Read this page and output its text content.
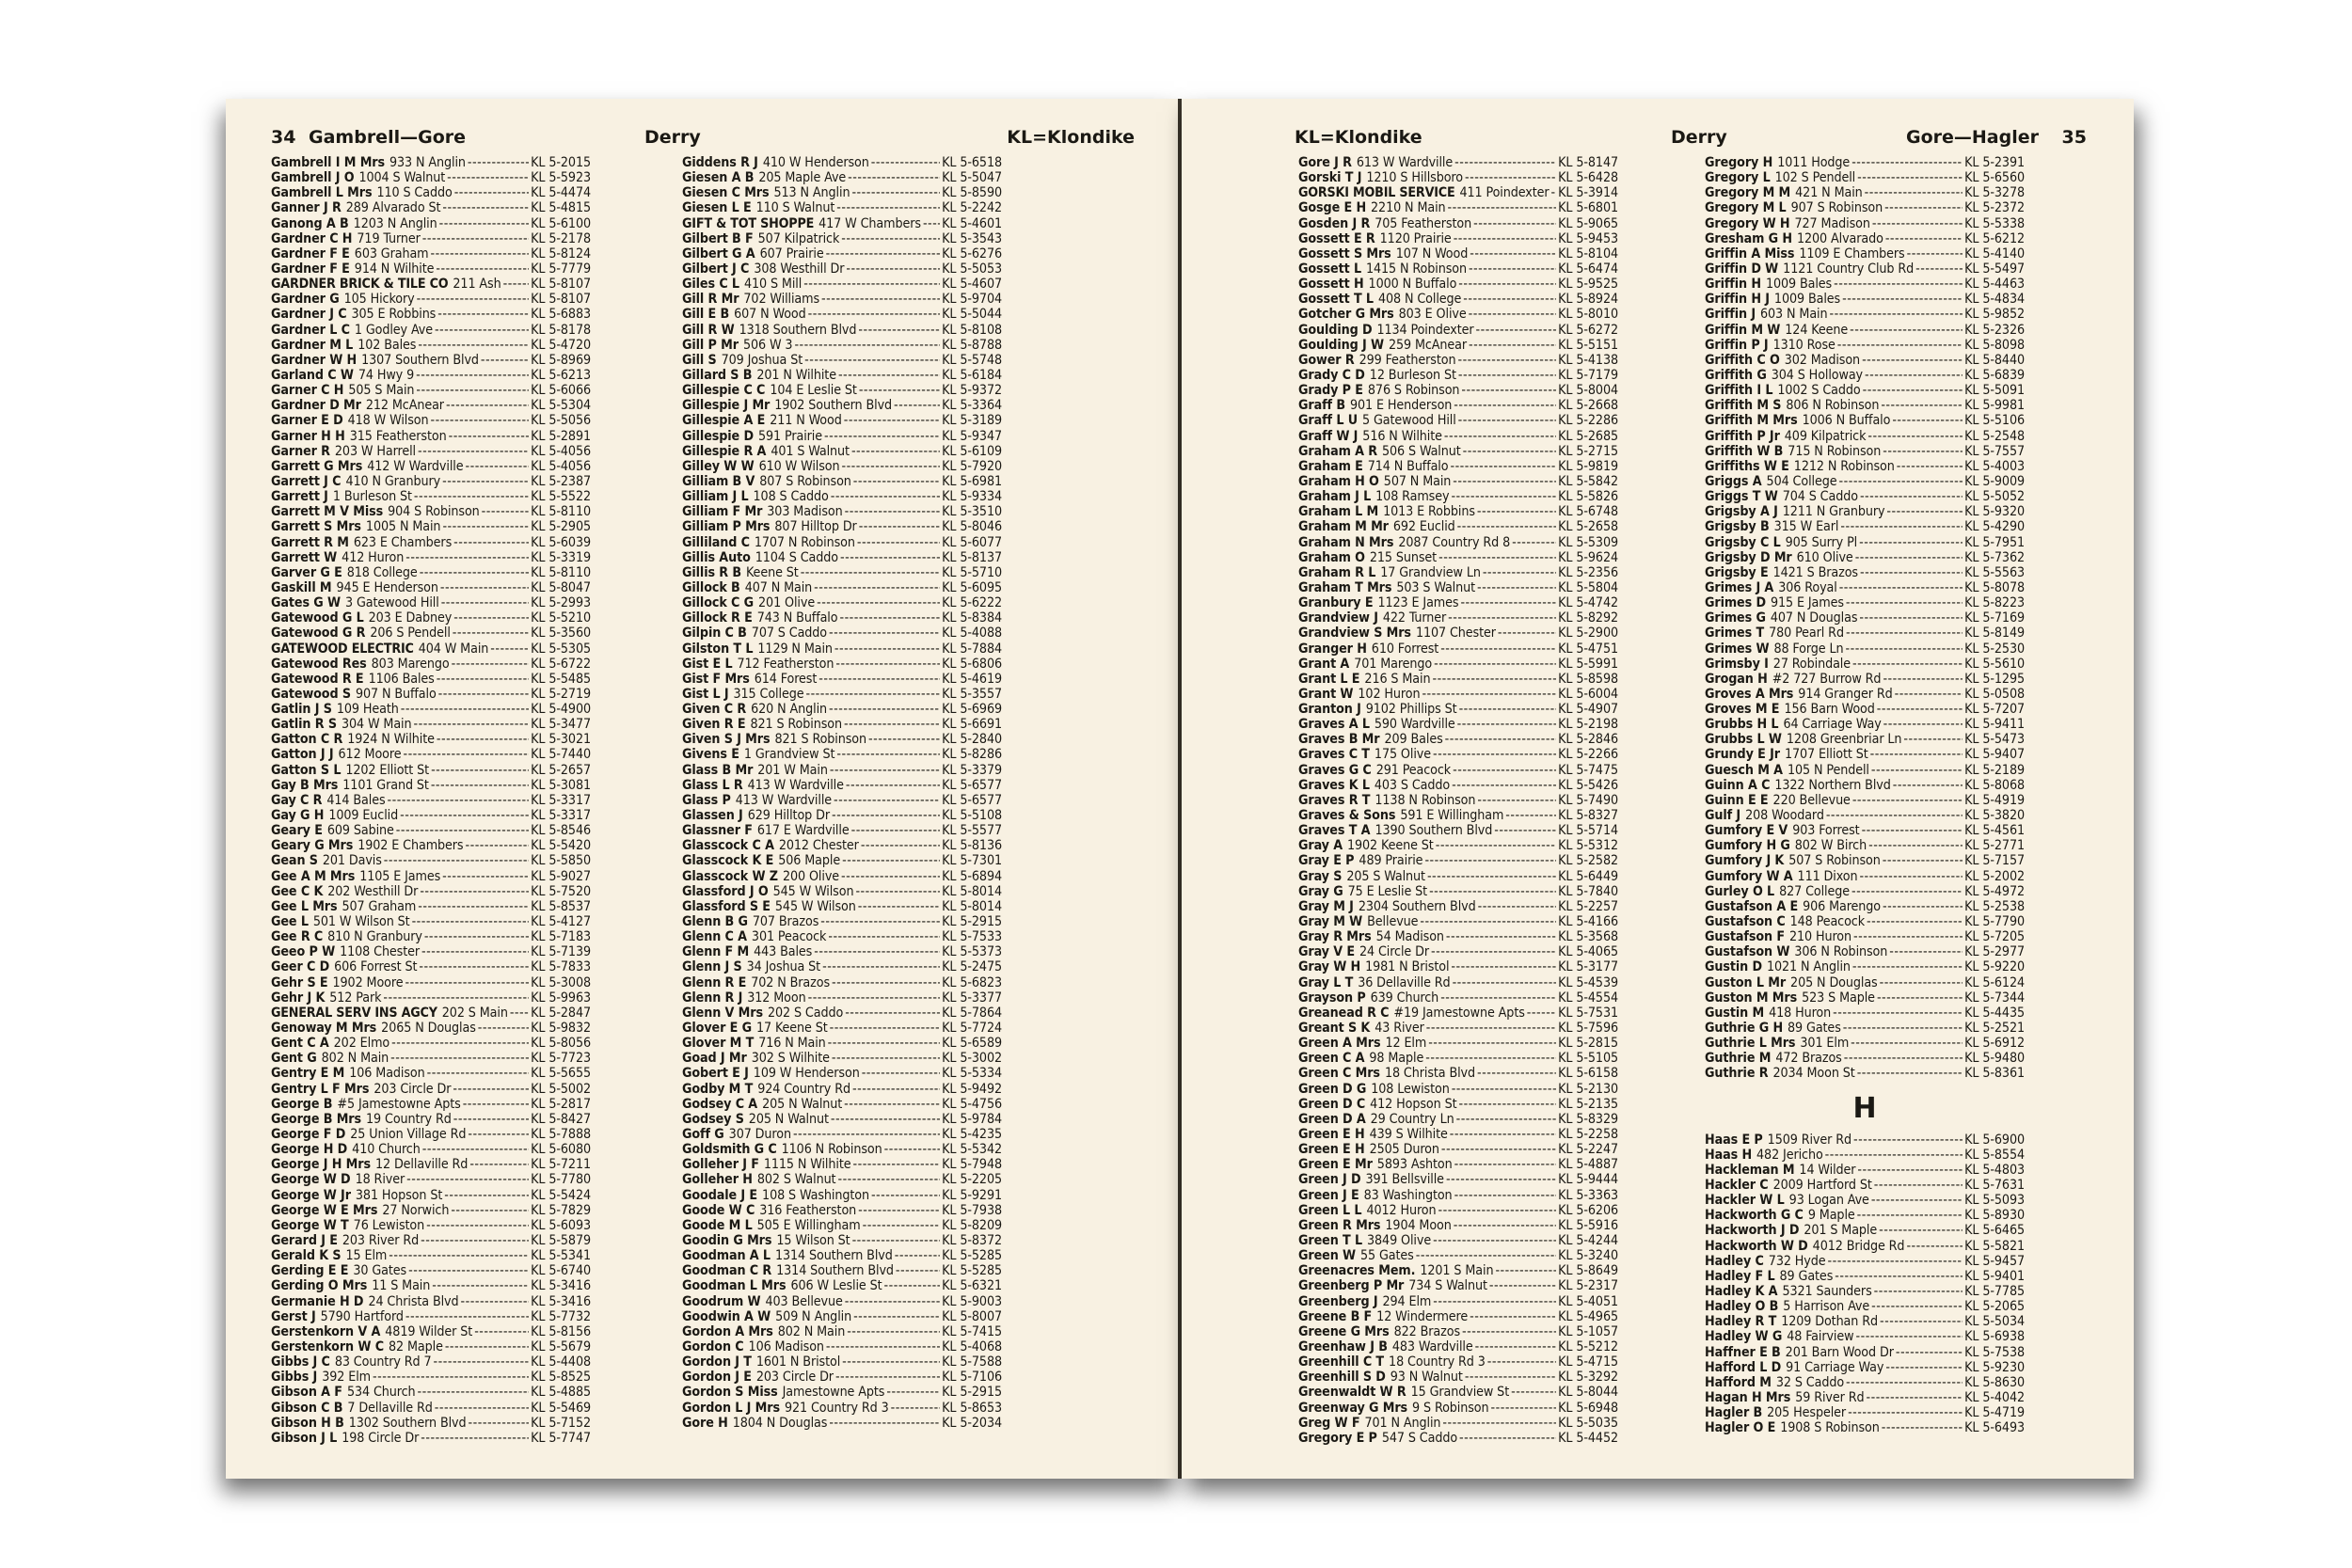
34 Gambrell—Gore	Derry	KL=Klondike
Gambrell I M Mrs 933 N Anglin -----	KL 5-2015
Gambrell J O 1004 S Walnut -----	KL 5-5923
Gambrell L Mrs 110 S Caddo -----	KL 5-4474
Ganner J R 289 Alvarado St -----	KL 5-4815
Ganong A B 1203 N Anglin -----	KL 5-6100
Gardner C H 719 Turner -----	KL 5-2178
Gardner F E 603 Graham -----	KL 5-8124
Gardner F E 914 N Wilhite -----	KL 5-7779
GARDNER BRICK & TILE CO 211 Ash ----- KL 5-8107
Gardner G 105 Hickory -----	KL 5-8107
Gardner J C 305 E Robbins -----	KL 5-6883
Gardner L C 1 Godley Ave -----	KL 5-8178
Gardner M L 102 Bales -----	KL 5-4720
Gardner W H 1307 Southern Blvd -----	KL 5-8969
Garland C W 74 Hwy 9 -----	KL 5-6213
Garner C H 505 S Main -----	KL 5-6066
Gardner D Mr 212 McAnear -----	KL 5-5304
Garner E D 418 W Wilson -----	KL 5-5056
Garner H H 315 Featherston -----	KL 5-2891
Garner R 203 W Harrell -----	KL 5-4056
Garrett G Mrs 412 W Wardville -----	KL 5-4056
Garrett J C 410 N Granbury -----	KL 5-2387
Garrett J 1 Burleson St -----	KL 5-5522
Garrett M V Miss 904 S Robinson -----	KL 5-8110
Garrett S Mrs 1005 N Main -----	KL 5-2905
Garrett R M 623 E Chambers -----	KL 5-6039
Garrett W 412 Huron -----	KL 5-3319
Garver G E 818 College -----	KL 5-8110
Gaskill M 945 E Henderson -----	KL 5-8047
Gates G W 3 Gatewood Hill -----	KL 5-2993
Gatewood G L 203 E Dabney -----	KL 5-5210
Gatewood G R 206 S Pendell -----	KL 5-3560
GATEWOOD ELECTRIC 404 W Main -----	KL 5-5305
Gatewood Res 803 Marengo -----	KL 5-6722
Gatewood R E 1106 Bales -----	KL 5-5485
Gatewood S 907 N Buffalo -----	KL 5-2719
Gatlin J S 109 Heath -----	KL 5-4900
Gatlin R S 304 W Main -----	KL 5-3477
Gatton C R 1924 N Wilhite -----	KL 5-3021
Gatton J J 612 Moore -----	KL 5-7440
Gatton S L 1202 Elliott St -----	KL 5-2657
Gay B Mrs 1101 Grand St -----	KL 5-3081
Gay C R 414 Bales -----	KL 5-3317
Gay G H 1009 Euclid -----	KL 5-3317
Geary E 609 Sabine -----	KL 5-8546
Geary G Mrs 1902 E Chambers -----	KL 5-5420
Gean S 201 Davis -----	KL 5-5850
Gee A M Mrs 1105 E James -----	KL 5-9027
Gee C K 202 Westhill Dr -----	KL 5-7520
Gee L Mrs 507 Graham -----	KL 5-8537
Gee L 501 W Wilson St -----	KL 5-4127
Gee R C 810 N Granbury -----	KL 5-7183
Geeo P W 1108 Chester -----	KL 5-7139
Geer C D 606 Forrest St -----	KL 5-7833
Gehr S E 1902 Moore -----	KL 5-3008
Gehr J K 512 Park -----	KL 5-9963
GENERAL SERV INS AGCY 202 S Main ----- KL 5-2847
Genoway M Mrs 2065 N Douglas -----	KL 5-9832
Gent C A 202 Elmo -----	KL 5-8056
Gent G 802 N Main -----	KL 5-7723
Gentry E M 106 Madison -----	KL 5-5655
Gentry L F Mrs 203 Circle Dr -----	KL 5-5002
George B #5 Jamestowne Apts -----	KL 5-2817
George B Mrs 19 Country Rd -----	KL 5-8427
George F D 25 Union Village Rd -----	KL 5-7888
George H D 410 Church -----	KL 5-6080
George J H Mrs 12 Dellaville Rd -----	KL 5-7211
George W D 18 River -----	KL 5-7780
George W Jr 381 Hopson St -----	KL 5-5424
George W E Mrs 27 Norwich -----	KL 5-7829
George W T 76 Lewiston -----	KL 5-6093
Gerard J E 203 River Rd -----	KL 5-5879
Gerald K S 15 Elm -----	KL 5-5341
Gerding E E 30 Gates -----	KL 5-6740
Gerding O Mrs 11 S Main -----	KL 5-3416
Germanie H D 24 Christa Blvd -----	KL 5-3416
Gerst J 5790 Hartford -----	KL 5-7732
Gerstenkorn V A 4819 Wilder St -----	KL 5-8156
Gerstenkorn W C 82 Maple -----	KL 5-5679
Gibbs J C 83 Country Rd 7 -----	KL 5-4408
Gibbs J 392 Elm -----	KL 5-8525
Gibson A F 534 Church -----	KL 5-4885
Gibson C B 7 Dellaville Rd -----	KL 5-5469
Gibson H B 1302 Southern Blvd -----	KL 5-7152
Gibson J L 198 Circle Dr -----	KL 5-7747
Giddens R J 410 W Henderson -----	KL 5-6518
Giesen A B 205 Maple Ave -----	KL 5-5047
Giesen C Mrs 513 N Anglin -----	KL 5-8590
Giesen L E 110 S Walnut -----	KL 5-2242
GIFT & TOT SHOPPE 417 W Chambers ----- KL 5-4601
Gilbert B F 507 Kilpatrick -----	KL 5-3543
Gilbert G A 607 Prairie -----	KL 5-6276
Gilbert J C 308 Westhill Dr -----	KL 5-5053
Giles C L 410 S Mill -----	KL 5-4607
Gill R Mr 702 Williams -----	KL 5-9704
Gill E B 607 N Wood -----	KL 5-5044
Gill R W 1318 Southern Blvd -----	KL 5-8108
Gill P Mr 506 W 3 -----	KL 5-8788
Gill S 709 Joshua St -----	KL 5-5748
Gillard S B 201 N Wilhite -----	KL 5-6184
Gillespie C C 104 E Leslie St -----	KL 5-9372
Gillespie J Mr 1902 Southern Blvd -----	KL 5-3364
Gillespie A E 211 N Wood -----	KL 5-3189
Gillespie D 591 Prairie -----	KL 5-9347
Gillespie R A 401 S Walnut -----	KL 5-6109
Gilley W W 610 W Wilson -----	KL 5-7920
Gilliam B V 807 S Robinson -----	KL 5-6981
Gilliam J L 108 S Caddo -----	KL 5-9334
Gilliam F Mr 303 Madison -----	KL 5-3510
Gilliam P Mrs 807 Hilltop Dr -----	KL 5-8046
Gilliland C 1707 N Robinson -----	KL 5-6077
Gillis Auto 1104 S Caddo -----	KL 5-8137
Gillis R B Keene St -----	KL 5-5710
Gillock B 407 N Main -----	KL 5-6095
Gillock C G 201 Olive -----	KL 5-6222
Gillock R E 743 N Buffalo -----	KL 5-8384
Gilpin C B 707 S Caddo -----	KL 5-4088
Gilston T L 1129 N Main -----	KL 5-7884
Gist E L 712 Featherston -----	KL 5-6806
Gist F Mrs 614 Forest -----	KL 5-4619
Gist L J 315 College -----	KL 5-3557
Given C R 620 N Anglin -----	KL 5-6969
Given R E 821 S Robinson -----	KL 5-6691
Given S J Mrs 821 S Robinson -----	KL 5-2840
Givens E 1 Grandview St -----	KL 5-8286
Glass B Mr 201 W Main -----	KL 5-3379
Glass L R 413 W Wardville -----	KL 5-6577
Glass P 413 W Wardville -----	KL 5-6577
Glassen J 629 Hilltop Dr -----	KL 5-5108
Glassner F 617 E Wardville -----	KL 5-5577
Glasscock C A 2012 Chester -----	KL 5-8136
Glasscock K E 506 Maple -----	KL 5-7301
Glasscock W Z 200 Olive -----	KL 5-6894
Glassford J O 545 W Wilson -----	KL 5-8014
Glassford S E 545 W Wilson -----	KL 5-8014
Glenn B G 707 Brazos -----	KL 5-2915
Glenn C A 301 Peacock -----	KL 5-7533
Glenn F M 443 Bales -----	KL 5-5373
Glenn J S 34 Joshua St -----	KL 5-2475
Glenn R E 702 N Brazos -----	KL 5-6823
Glenn R J 312 Moon -----	KL 5-3377
Glenn V Mrs 202 S Caddo -----	KL 5-7864
Glover E G 17 Keene St -----	KL 5-7724
Glover M T 716 N Main -----	KL 5-6589
Goad J Mr 302 S Wilhite -----	KL 5-3002
Gobert E J 109 W Henderson -----	KL 5-5334
Godby M T 924 Country Rd -----	KL 5-9492
Godsey C A 205 N Walnut -----	KL 5-4756
Godsey S 205 N Walnut -----	KL 5-9784
Goff G 307 Duron -----	KL 5-4235
Goldsmith G C 1106 N Robinson -----	KL 5-5342
Golleher J F 1115 N Wilhite -----	KL 5-7948
Golleher H 802 S Walnut -----	KL 5-2205
Goodale J E 108 S Washington -----	KL 5-9291
Goode W C 316 Featherston -----	KL 5-7938
Goode M L 505 E Willingham -----	KL 5-8209
Goodin G Mrs 15 Wilson St -----	KL 5-8372
Goodman A L 1314 Southern Blvd -----	KL 5-5285
Goodman C R 1314 Southern Blvd -----	KL 5-5285
Goodman L Mrs 606 W Leslie St -----	KL 5-6321
Goodrum W 403 Bellevue -----	KL 5-9003
Goodwin A W 509 N Anglin -----	KL 5-8007
Gordon A Mrs 802 N Main -----	KL 5-7415
Gordon C 106 Madison -----	KL 5-4068
Gordon J T 1601 N Bristol -----	KL 5-7588
Gordon J E 203 Circle Dr -----	KL 5-7106
Gordon S Miss Jamestowne Apts -----	KL 5-2915
Gordon L J Mrs 921 Country Rd 3 -----	KL 5-8653
Gore H 1804 N Douglas -----	KL 5-2034
KL=Klondike	Derry	Gore—Hagler 35
Gore J R 613 W Wardville -----	KL 5-8147
Gorski T J 1210 S Hillsboro -----	KL 5-6428
GORSKI MOBIL SERVICE 411 Poindexter ----- KL 5-3914
Gosge E H 2210 N Main -----	KL 5-6801
Gosden J R 705 Featherston -----	KL 5-9065
Gossett E R 1120 Prairie -----	KL 5-9453
Gossett S Mrs 107 N Wood -----	KL 5-8104
Gossett L 1415 N Robinson -----	KL 5-6474
Gossett H 1000 N Buffalo -----	KL 5-9525
Gossett T L 408 N College -----	KL 5-8924
Gotcher G Mrs 803 E Olive -----	KL 5-8010
Goulding D 1134 Poindexter -----	KL 5-6272
Goulding J W 259 McAnear -----	KL 5-5151
Gower R 299 Featherston -----	KL 5-4138
Grady C D 12 Burleson St -----	KL 5-7179
Grady P E 876 S Robinson -----	KL 5-8004
Graff B 901 E Henderson -----	KL 5-2668
Graff L U 5 Gatewood Hill -----	KL 5-2286
Graff W J 516 N Wilhite -----	KL 5-2685
Graham A R 506 S Walnut -----	KL 5-2715
Graham E 714 N Buffalo -----	KL 5-9819
Graham H O 507 N Main -----	KL 5-5842
Graham J L 108 Ramsey -----	KL 5-5826
Graham L M 1013 E Robbins -----	KL 5-6748
Graham M Mr 692 Euclid -----	KL 5-2658
Graham N Mrs 2087 Country Rd 8 -----	KL 5-5309
Graham O 215 Sunset -----	KL 5-9624
Graham R L 17 Grandview Ln -----	KL 5-2356
Graham T Mrs 503 S Walnut -----	KL 5-5804
Granbury E 1123 E James -----	KL 5-4742
Grandview J 422 Turner -----	KL 5-8292
Grandview S Mrs 1107 Chester -----	KL 5-2900
Granger H 610 Forrest -----	KL 5-4751
Grant A 701 Marengo -----	KL 5-5991
Grant L E 216 S Main -----	KL 5-8598
Grant W 102 Huron -----	KL 5-6004
Granton J 9102 Phillips St -----	KL 5-4907
Graves A L 590 Wardville -----	KL 5-2198
Graves B Mr 209 Bales -----	KL 5-2846
Graves C T 175 Olive -----	KL 5-2266
Graves G C 291 Peacock -----	KL 5-7475
Graves K L 403 S Caddo -----	KL 5-5426
Graves R T 1138 N Robinson -----	KL 5-7490
Graves & Sons 591 E Willingham -----	KL 5-8327
Graves T A 1390 Southern Blvd -----	KL 5-5714
Gray A 1902 Keene St -----	KL 5-5312
Gray E P 489 Prairie -----	KL 5-2582
Gray S 205 S Walnut -----	KL 5-6449
Gray G 75 E Leslie St -----	KL 5-7840
Gray M J 2304 Southern Blvd -----	KL 5-2257
Gray M W Bellevue -----	KL 5-4166
Gray R Mrs 54 Madison -----	KL 5-3568
Gray V E 24 Circle Dr -----	KL 5-4065
Gray W H 1981 N Bristol -----	KL 5-3177
Gray L T 36 Dellaville Rd -----	KL 5-4539
Grayson P 639 Church -----	KL 5-4554
Greanead R C #19 Jamestowne Apts ----- KL 5-7531
Greant S K 43 River -----	KL 5-7596
Green A Mrs 12 Elm -----	KL 5-2815
Green C A 98 Maple -----	KL 5-5105
Green C Mrs 18 Christa Blvd -----	KL 5-6158
Green D G 108 Lewiston -----	KL 5-2130
Green D C 412 Hopson St -----	KL 5-2135
Green D A 29 Country Ln -----	KL 5-8329
Green E H 439 S Wilhite -----	KL 5-2258
Green E H 2505 Duron -----	KL 5-2247
Green E Mr 5893 Ashton -----	KL 5-4887
Green J D 391 Bellsville -----	KL 5-9444
Green J E 83 Washington -----	KL 5-3363
Green L L 4012 Huron -----	KL 5-6206
Green R Mrs 1904 Moon -----	KL 5-5916
Green T L 3849 Olive -----	KL 5-4244
Green W 55 Gates -----	KL 5-3240
Greenacres Mem. 1201 S Main -----	KL 5-8649
Greenberg P Mr 734 S Walnut -----	KL 5-2317
Greenberg J 294 Elm -----	KL 5-4051
Greene B F 12 Windermere -----	KL 5-4965
Greene G Mrs 822 Brazos -----	KL 5-1057
Greenhaw J B 483 Wardville -----	KL 5-5212
Greenhill C T 18 Country Rd 3 -----	KL 5-4715
Greenhill S D 93 N Walnut -----	KL 5-3292
Greenwaldt W R 15 Grandview St -----	KL 5-8044
Greenway G Mrs 9 S Robinson -----	KL 5-6948
Greg W F 701 N Anglin -----	KL 5-5035
Gregory E P 547 S Caddo -----	KL 5-4452
Gregory H 1011 Hodge -----	KL 5-2391
Gregory L 102 S Pendell -----	KL 5-6560
Gregory M M 421 N Main -----	KL 5-3278
Gregory M L 907 S Robinson -----	KL 5-2372
Gregory W H 727 Madison -----	KL 5-5338
Gresham G H 1200 Alvarado -----	KL 5-6212
Griffin A Miss 1109 E Chambers -----	KL 5-4140
Griffin D W 1121 Country Club Rd -----	KL 5-5497
Griffin H 1009 Bales -----	KL 5-4463
Griffin H J 1009 Bales -----	KL 5-4834
Griffin J 603 N Main -----	KL 5-9852
Griffin M W 124 Keene -----	KL 5-2326
Griffin P J 1310 Rose -----	KL 5-8098
Griffith C O 302 Madison -----	KL 5-8440
Griffith G 304 S Holloway -----	KL 5-6839
Griffith I L 1002 S Caddo -----	KL 5-5091
Griffith M S 806 N Robinson -----	KL 5-9981
Griffith M Mrs 1006 N Buffalo -----	KL 5-5106
Griffith P Jr 409 Kilpatrick -----	KL 5-2548
Griffith W B 715 N Robinson -----	KL 5-7557
Griffiths W E 1212 N Robinson -----	KL 5-4003
Griggs A 504 College -----	KL 5-9009
Griggs T W 704 S Caddo -----	KL 5-5052
Grigsby A J 1211 N Granbury -----	KL 5-9320
Grigsby B 315 W Earl -----	KL 5-4290
Grigsby C L 905 Surry Pl -----	KL 5-7951
Grigsby D Mr 610 Olive -----	KL 5-7362
Grigsby E 1421 S Brazos -----	KL 5-5563
Grimes J A 306 Royal -----	KL 5-8078
Grimes D 915 E James -----	KL 5-8223
Grimes G 407 N Douglas -----	KL 5-7169
Grimes T 780 Pearl Rd -----	KL 5-8149
Grimes W 88 Forge Ln -----	KL 5-2530
Grimsby I 27 Robindale -----	KL 5-5610
Grogan H #2 727 Burrow Rd -----	KL 5-1295
Groves A Mrs 914 Granger Rd -----	KL 5-0508
Groves M E 156 Barn Wood -----	KL 5-7207
Grubbs H L 64 Carriage Way -----	KL 5-9411
Grubbs L W 1208 Greenbriar Ln -----	KL 5-5473
Grundy E Jr 1707 Elliott St -----	KL 5-9407
Guesch M A 105 N Pendell -----	KL 5-2189
Guinn A C 1322 Northern Blvd -----	KL 5-8068
Guinn E E 220 Bellevue -----	KL 5-4919
Gulf J 208 Woodard -----	KL 5-3820
Gumfory E V 903 Forrest -----	KL 5-4561
Gumfory H G 802 W Birch -----	KL 5-2771
Gumfory J K 507 S Robinson -----	KL 5-7157
Gumfory W A 111 Dixon -----	KL 5-2002
Gurley O L 827 College -----	KL 5-4972
Gustafson A E 906 Marengo -----	KL 5-2538
Gustafson C 148 Peacock -----	KL 5-7790
Gustafson F 210 Huron -----	KL 5-7205
Gustafson W 306 N Robinson -----	KL 5-2977
Gustin D 1021 N Anglin -----	KL 5-9220
Guston L Mr 205 N Douglas -----	KL 5-6124
Guston M Mrs 523 S Maple -----	KL 5-7344
Gustin M 418 Huron -----	KL 5-4435
Guthrie G H 89 Gates -----	KL 5-2521
Guthrie L Mrs 301 Elm -----	KL 5-6912
Guthrie M 472 Brazos -----	KL 5-9480
Guthrie R 2034 Moon St -----	KL 5-8361
H
Haas E P 1509 River Rd -----	KL 5-6900
Haas H 482 Jericho -----	KL 5-8554
Hackleman M 14 Wilder -----	KL 5-4803
Hackler C 2009 Hartford St -----	KL 5-7631
Hackler W L 93 Logan Ave -----	KL 5-5093
Hackworth G C 9 Maple -----	KL 5-8930
Hackworth J D 201 S Maple -----	KL 5-6465
Hackworth W D 4012 Bridge Rd -----	KL 5-5821
Hadley C 732 Hyde -----	KL 5-9457
Hadley F L 89 Gates -----	KL 5-9401
Hadley K A 5321 Saunders -----	KL 5-7785
Hadley O B 5 Harrison Ave -----	KL 5-2065
Hadley R T 1209 Dothan Rd -----	KL 5-5034
Hadley W G 48 Fairview -----	KL 5-6938
Haffner E B 201 Barn Wood Dr -----	KL 5-7538
Hafford L D 91 Carriage Way -----	KL 5-9230
Hafford M 32 S Caddo -----	KL 5-8630
Hagan H Mrs 59 River Rd -----	KL 5-4042
Hagler B 205 Hespeler -----	KL 5-4719
Hagler O E 1908 S Robinson -----	KL 5-6493
